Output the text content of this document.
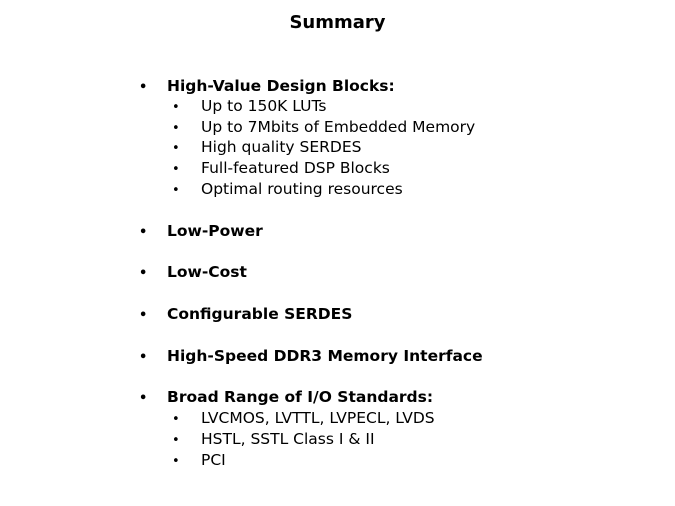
Summary
• High-Value Design Blocks:
• Up to 150K LUTs
• Up to 7Mbits of Embedded Memory
• High quality SERDES
• Full-featured DSP Blocks
• Optimal routing resources
• Low-Power
• Low-Cost
• Configurable SERDES
• High-Speed DDR3 Memory Interface
• Broad Range of I/O Standards:
• LVCMOS, LVTTL, LVPECL, LVDS
• HSTL, SSTL Class I & II
• PCI
